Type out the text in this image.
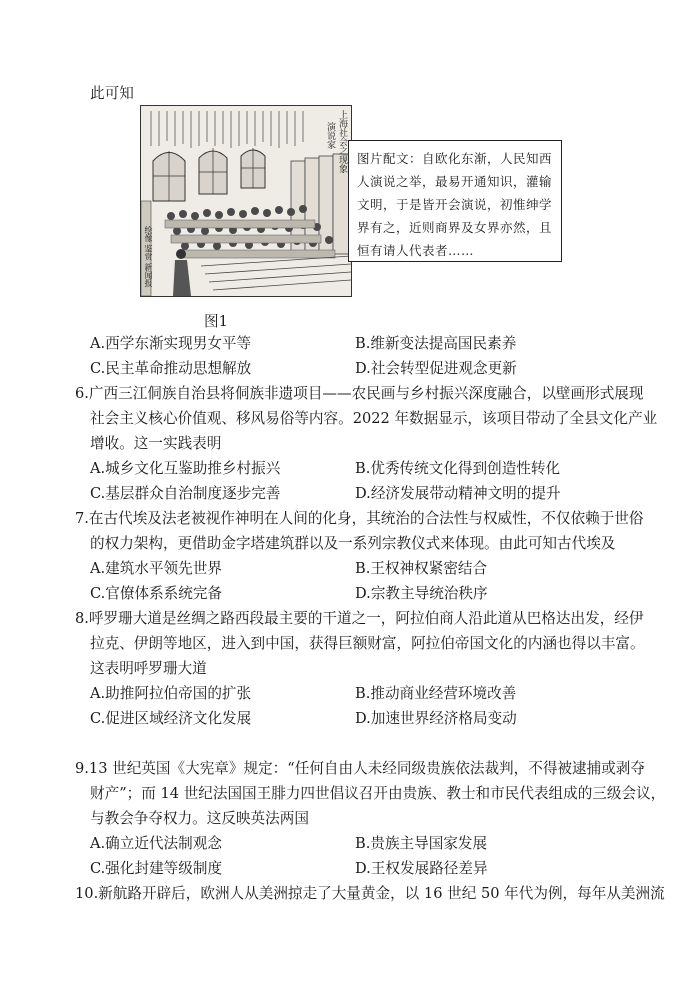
此可知
上海社会之现象
演说家
绘像 鉴赏 新闻报
图片配文：自欧化东渐，人民知西人演说之举，最易开通知识，灌输文明，于是皆开会演说，初惟绅学界有之，近则商界及女界亦然，且恒有请人代表者……
图1
A.西学东渐实现男女平等	B.维新变法提高国民素养
C.民主革命推动思想解放	D.社会转型促进观念更新
6.广西三江侗族自治县将侗族非遗项目——农民画与乡村振兴深度融合，以壁画形式展现
社会主义核心价值观、移风易俗等内容。2022 年数据显示，该项目带动了全县文化产业
增收。这一实践表明
A.城乡文化互鉴助推乡村振兴	B.优秀传统文化得到创造性转化
C.基层群众自治制度逐步完善	D.经济发展带动精神文明的提升
7.在古代埃及法老被视作神明在人间的化身，其统治的合法性与权威性，不仅依赖于世俗
的权力架构，更借助金字塔建筑群以及一系列宗教仪式来体现。由此可知古代埃及
A.建筑水平领先世界	B.王权神权紧密结合
C.官僚体系系统完备	D.宗教主导统治秩序
8.呼罗珊大道是丝绸之路西段最主要的干道之一，阿拉伯商人沿此道从巴格达出发，经伊
拉克、伊朗等地区，进入到中国，获得巨额财富，阿拉伯帝国文化的内涵也得以丰富。
这表明呼罗珊大道
A.助推阿拉伯帝国的扩张	B.推动商业经营环境改善
C.促进区域经济文化发展	D.加速世界经济格局变动
9.13 世纪英国《大宪章》规定：“任何自由人未经同级贵族依法裁判，不得被逮捕或剥夺
财产”；而 14 世纪法国国王腓力四世倡议召开由贵族、教士和市民代表组成的三级会议，
与教会争夺权力。这反映英法两国
A.确立近代法制观念	B.贵族主导国家发展
C.强化封建等级制度	D.王权发展路径差异
10.新航路开辟后，欧洲人从美洲掠走了大量黄金，以 16 世纪 50 年代为例，每年从美洲流
